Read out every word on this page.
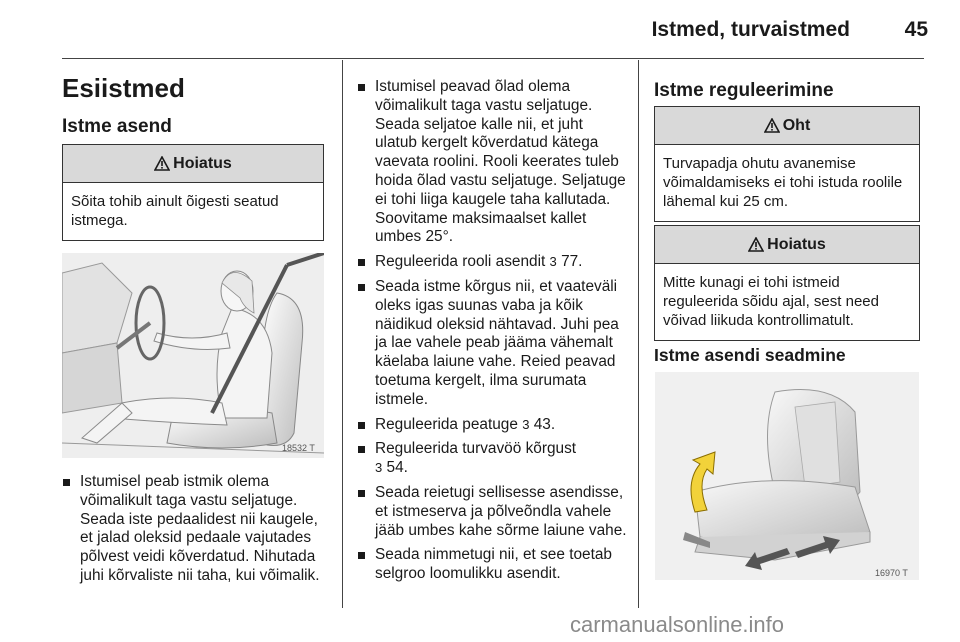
Istmed, turvaistmed	45
Esiistmed
Istme asend
Hoiatus
Sõita tohib ainult õigesti seatud istmega.
18532 T
Istumisel peab istmik olema võimalikult taga vastu seljatuge. Seada iste pedaalidest nii kaugele, et jalad oleksid pedaale vajutades põlvest veidi kõverdatud. Nihutada juhi kõrvaliste nii taha, kui võimalik.
Istumisel peavad õlad olema võimalikult taga vastu seljatuge. Seada seljatoe kalle nii, et juht ulatub kergelt kõverdatud kätega vaevata roolini. Rooli keerates tuleb hoida õlad vastu seljatuge. Seljatuge ei tohi liiga kaugele taha kallutada. Soovitame maksimaalset kallet umbes 25°.
Reguleerida rooli asendit 3 77.
Seada istme kõrgus nii, et vaateväli oleks igas suunas vaba ja kõik näidikud oleksid nähtavad. Juhi pea ja lae vahele peab jääma vähemalt käelaba laiune vahe. Reied peavad toetuma kergelt, ilma surumata istmele.
Reguleerida peatuge 3 43.
Reguleerida turvavöö kõrgust
3 54.
Seada reietugi sellisesse asendisse, et istmeserva ja põlveõndla vahele jääb umbes kahe sõrme laiune vahe.
Seada nimmetugi nii, et see toetab selgroo loomulikku asendit.
Istme reguleerimine
Oht
Turvapadja ohutu avanemise võimaldamiseks ei tohi istuda roolile lähemal kui 25 cm.
Hoiatus
Mitte kunagi ei tohi istmeid reguleerida sõidu ajal, sest need võivad liikuda kontrollimatult.
Istme asendi seadmine
16970 T
carmanualsonline.info
